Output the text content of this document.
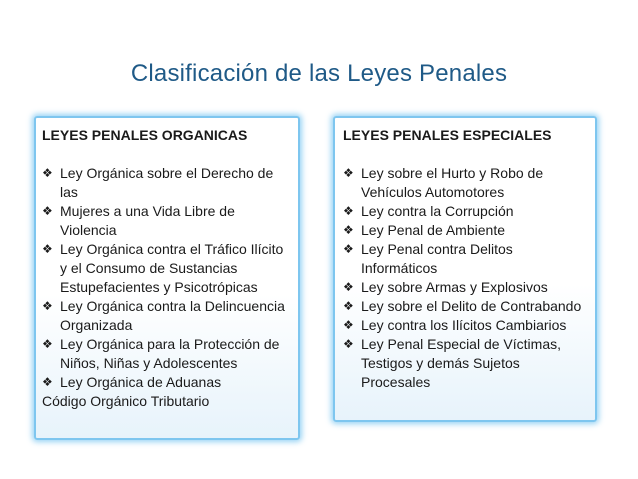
Clasificación de las Leyes Penales
LEYES PENALES ORGANICAS
❖ Ley Orgánica sobre el Derecho de las
❖ Mujeres a una Vida Libre de Violencia
❖ Ley Orgánica contra el Tráfico Ilícito y el Consumo de Sustancias Estupefacientes y Psicotrópicas
❖ Ley Orgánica contra la Delincuencia Organizada
❖ Ley Orgánica para la Protección de Niños, Niñas y Adolescentes
❖ Ley Orgánica de Aduanas
Código Orgánico Tributario
LEYES PENALES ESPECIALES
❖ Ley sobre el Hurto y Robo de Vehículos Automotores
❖ Ley contra la Corrupción
❖ Ley Penal de Ambiente
❖ Ley Penal contra Delitos Informáticos
❖ Ley sobre Armas y Explosivos
❖ Ley sobre el Delito de Contrabando
❖ Ley contra los Ilícitos Cambiarios
❖ Ley Penal Especial de Víctimas, Testigos y demás Sujetos Procesales
